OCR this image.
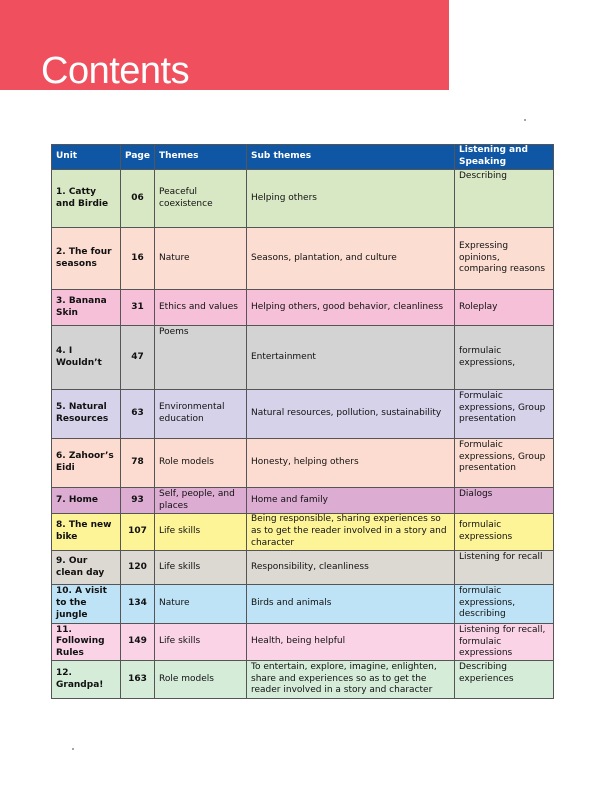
Contents
Unit	Page	Themes	Sub themes	Listening and Speaking
1. Catty and Birdie	06	Peaceful coexistence	Helping others	Describing
2. The four seasons	16	Nature	Seasons, plantation, and culture	Expressing opinions, comparing reasons
3. Banana Skin	31	Ethics and values	Helping others, good behavior, cleanliness	Roleplay
4. I Wouldn’t	47	Poems	Entertainment	formulaic expressions,
5. Natural Resources	63	Environmental education	Natural resources, pollution, sustainability	Formulaic expressions, Group presentation
6. Zahoor’s Eidi	78	Role models	Honesty, helping others	Formulaic expressions, Group presentation
7. Home	93	Self, people, and places	Home and family	Dialogs
8. The new bike	107	Life skills	Being responsible, sharing experiences so as to get the reader involved in a story and character	formulaic expressions
9. Our clean day	120	Life skills	Responsibility, cleanliness	Listening for recall
10. A visit to the jungle	134	Nature	Birds and animals	formulaic expressions, describing
11. Following Rules	149	Life skills	Health, being helpful	Listening for recall, formulaic expressions
12. Grandpa!	163	Role models	To entertain, explore, imagine, enlighten, share and experiences so as to get the reader involved in a story and character	Describing experiences
